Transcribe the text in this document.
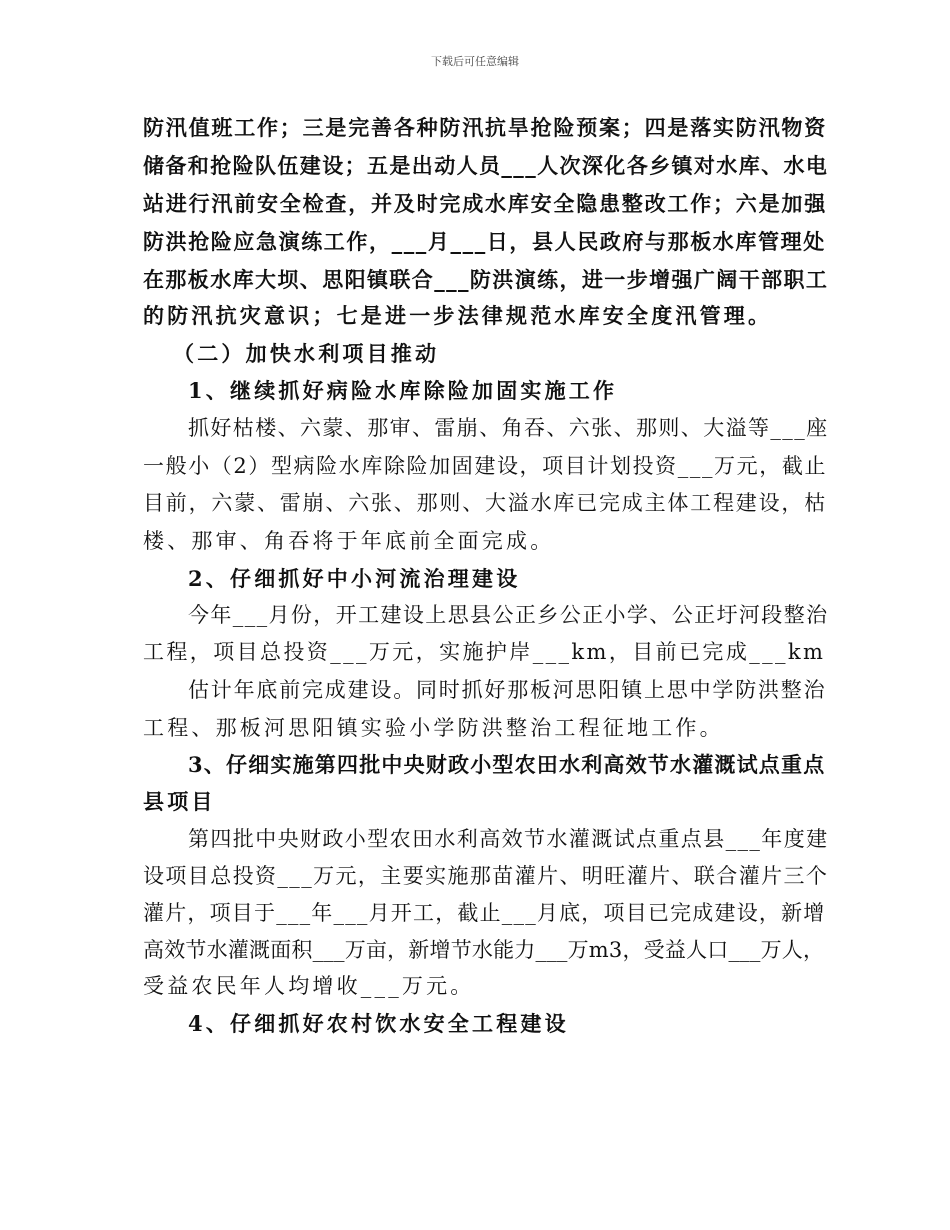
下载后可任意编辑
防汛值班工作；三是完善各种防汛抗旱抢险预案；四是落实防汛物资
储备和抢险队伍建设；五是出动人员___人次深化各乡镇对水库、水电
站进行汛前安全检查，并及时完成水库安全隐患整改工作；六是加强
防洪抢险应急演练工作，___月___日，县人民政府与那板水库管理处
在那板水库大坝、思阳镇联合___防洪演练，进一步增强广阔干部职工
的防汛抗灾意识；七是进一步法律规范水库安全度汛管理。
（二）加快水利项目推动
1、继续抓好病险水库除险加固实施工作
抓好枯楼、六蒙、那审、雷崩、角吞、六张、那则、大溢等___座
一般小（2）型病险水库除险加固建设，项目计划投资___万元，截止
目前，六蒙、雷崩、六张、那则、大溢水库已完成主体工程建设，枯
楼、那审、角吞将于年底前全面完成。
2、仔细抓好中小河流治理建设
今年___月份，开工建设上思县公正乡公正小学、公正圩河段整治
工程，项目总投资___万元，实施护岸___km，目前已完成___km
估计年底前完成建设。同时抓好那板河思阳镇上思中学防洪整治
工程、那板河思阳镇实验小学防洪整治工程征地工作。
3、仔细实施第四批中央财政小型农田水利高效节水灌溉试点重点
县项目
第四批中央财政小型农田水利高效节水灌溉试点重点县___年度建
设项目总投资___万元，主要实施那苗灌片、明旺灌片、联合灌片三个
灌片，项目于___年___月开工，截止___月底，项目已完成建设，新增
高效节水灌溉面积___万亩，新增节水能力___万m3，受益人口___万人，
受益农民年人均增收___万元。
4、仔细抓好农村饮水安全工程建设
